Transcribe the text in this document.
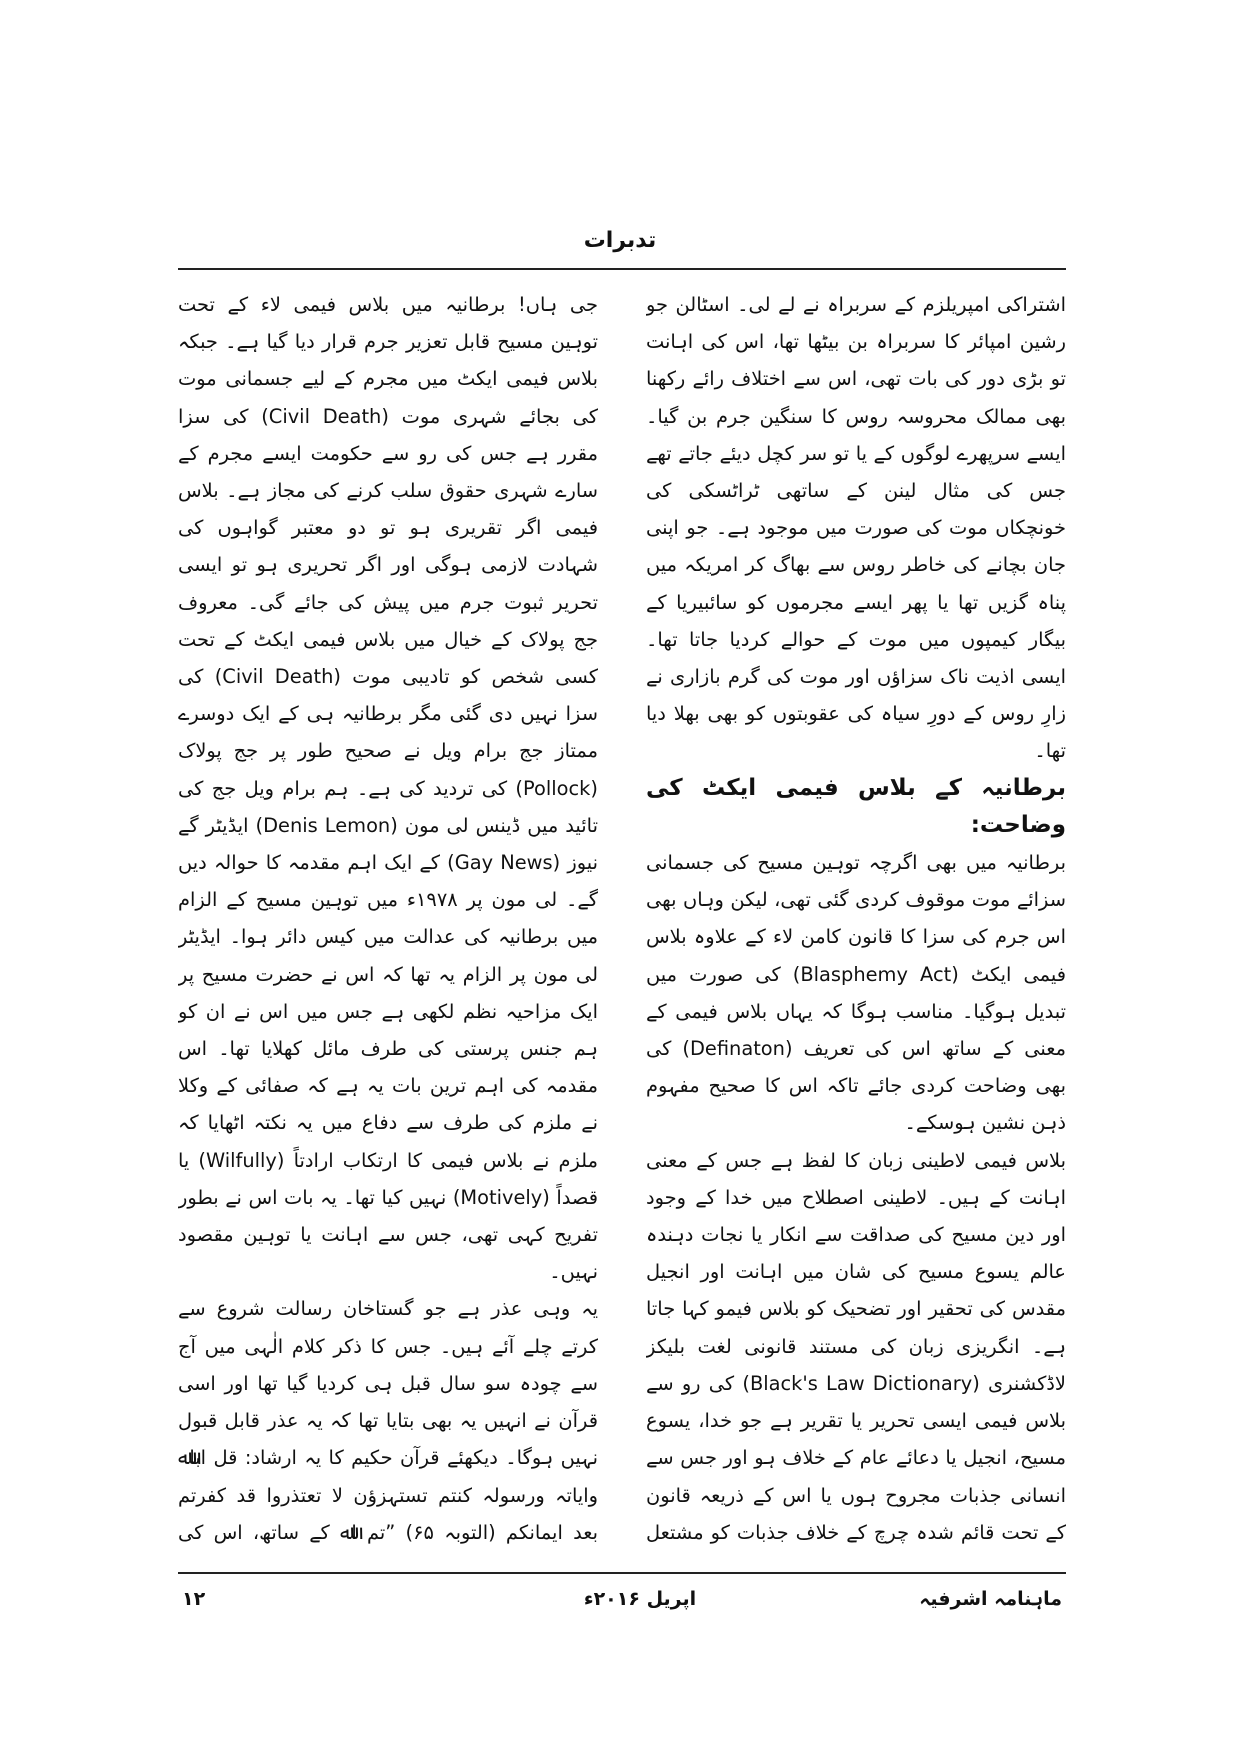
تدبرات

اشتراکی امپریلزم کے سربراہ نے لے لی۔ اسٹالن جو رشین امپائر کا سربراہ بن بیٹھا تھا، اس کی اہانت تو بڑی دور کی بات تھی، اس سے اختلاف رائے رکھنا بھی ممالک محروسہ روس کا سنگین جرم بن گیا۔ ایسے سرپھرے لوگوں کے یا تو سر کچل دیئے جاتے تھے جس کی مثال لینن کے ساتھی ٹراٹسکی کی خونچکاں موت کی صورت میں موجود ہے۔ جو اپنی جان بچانے کی خاطر روس سے بھاگ کر امریکہ میں پناہ گزیں تھا یا پھر ایسے مجرموں کو سائبیریا کے بیگار کیمپوں میں موت کے حوالے کردیا جاتا تھا۔ ایسی اذیت ناک سزاؤں اور موت کی گرم بازاری نے زارِ روس کے دورِ سیاہ کی عقوبتوں کو بھی بھلا دیا تھا۔

برطانیہ کے بلاس فیمی ایکٹ کی وضاحت:

برطانیہ میں بھی اگرچہ توہین مسیح کی جسمانی سزائے موت موقوف کردی گئی تھی، لیکن وہاں بھی اس جرم کی سزا کا قانون کامن لاء کے علاوہ بلاس فیمی ایکٹ (Blasphemy Act) کی صورت میں تبدیل ہوگیا۔ مناسب ہوگا کہ یہاں بلاس فیمی کے معنی کے ساتھ اس کی تعریف (Definaton) کی بھی وضاحت کردی جائے تاکہ اس کا صحیح مفہوم ذہن نشین ہوسکے۔

بلاس فیمی لاطینی زبان کا لفظ ہے جس کے معنی اہانت کے ہیں۔ لاطینی اصطلاح میں خدا کے وجود اور دین مسیح کی صداقت سے انکار یا نجات دہندہ عالم یسوع مسیح کی شان میں اہانت اور انجیل مقدس کی تحقیر اور تضحیک کو بلاس فیمو کہا جاتا ہے۔ انگریزی زبان کی مستند قانونی لغت بلیکز لاڈکشنری (Black's Law Dictionary) کی رو سے بلاس فیمی ایسی تحریر یا تقریر ہے جو خدا، یسوع مسیح، انجیل یا دعائے عام کے خلاف ہو اور جس سے انسانی جذبات مجروح ہوں یا اس کے ذریعہ قانون کے تحت قائم شدہ چرچ کے خلاف جذبات کو مشتعل

جی ہاں! برطانیہ میں بلاس فیمی لاء کے تحت توہین مسیح قابل تعزیر جرم قرار دیا گیا ہے۔ جبکہ بلاس فیمی ایکٹ میں مجرم کے لیے جسمانی موت کی بجائے شہری موت (Civil Death) کی سزا مقرر ہے جس کی رو سے حکومت ایسے مجرم کے سارے شہری حقوق سلب کرنے کی مجاز ہے۔ بلاس فیمی اگر تقریری ہو تو دو معتبر گواہوں کی شہادت لازمی ہوگی اور اگر تحریری ہو تو ایسی تحریر ثبوت جرم میں پیش کی جائے گی۔ معروف جج پولاک کے خیال میں بلاس فیمی ایکٹ کے تحت کسی شخص کو تادیبی موت (Civil Death) کی سزا نہیں دی گئی مگر برطانیہ ہی کے ایک دوسرے ممتاز جج برام ویل نے صحیح طور پر جج پولاک (Pollock) کی تردید کی ہے۔ ہم برام ویل جج کی تائید میں ڈینس لی مون (Denis Lemon) ایڈیٹر گے نیوز (Gay News) کے ایک اہم مقدمہ کا حوالہ دیں گے۔ لی مون پر ۱۹۷۸ء میں توہین مسیح کے الزام میں برطانیہ کی عدالت میں کیس دائر ہوا۔ ایڈیٹر لی مون پر الزام یہ تھا کہ اس نے حضرت مسیح پر ایک مزاحیہ نظم لکھی ہے جس میں اس نے ان کو ہم جنس پرستی کی طرف مائل کھلایا تھا۔ اس مقدمہ کی اہم ترین بات یہ ہے کہ صفائی کے وکلا نے ملزم کی طرف سے دفاع میں یہ نکتہ اٹھایا کہ ملزم نے بلاس فیمی کا ارتکاب ارادتاً (Wilfully) یا قصداً (Motively) نہیں کیا تھا۔ یہ بات اس نے بطور تفریح کہی تھی، جس سے اہانت یا توہین مقصود نہیں۔

یہ وہی عذر ہے جو گستاخان رسالت شروع سے کرتے چلے آئے ہیں۔ جس کا ذکر کلام الٰہی میں آج سے چودہ سو سال قبل ہی کردیا گیا تھا اور اسی قرآن نے انہیں یہ بھی بتایا تھا کہ یہ عذر قابل قبول نہیں ہوگا۔ دیکھئے قرآن حکیم کا یہ ارشاد: قل اباﷲ وایاتہ ورسولہ کنتم تستہزؤن لا تعتذروا قد کفرتم بعد ایمانکم (التوبہ ۶۵) ”تم اﷲ کے ساتھ، اس کی

ماہنامہ اشرفیہ
اپریل ۲۰۱۶ء
۱۲
